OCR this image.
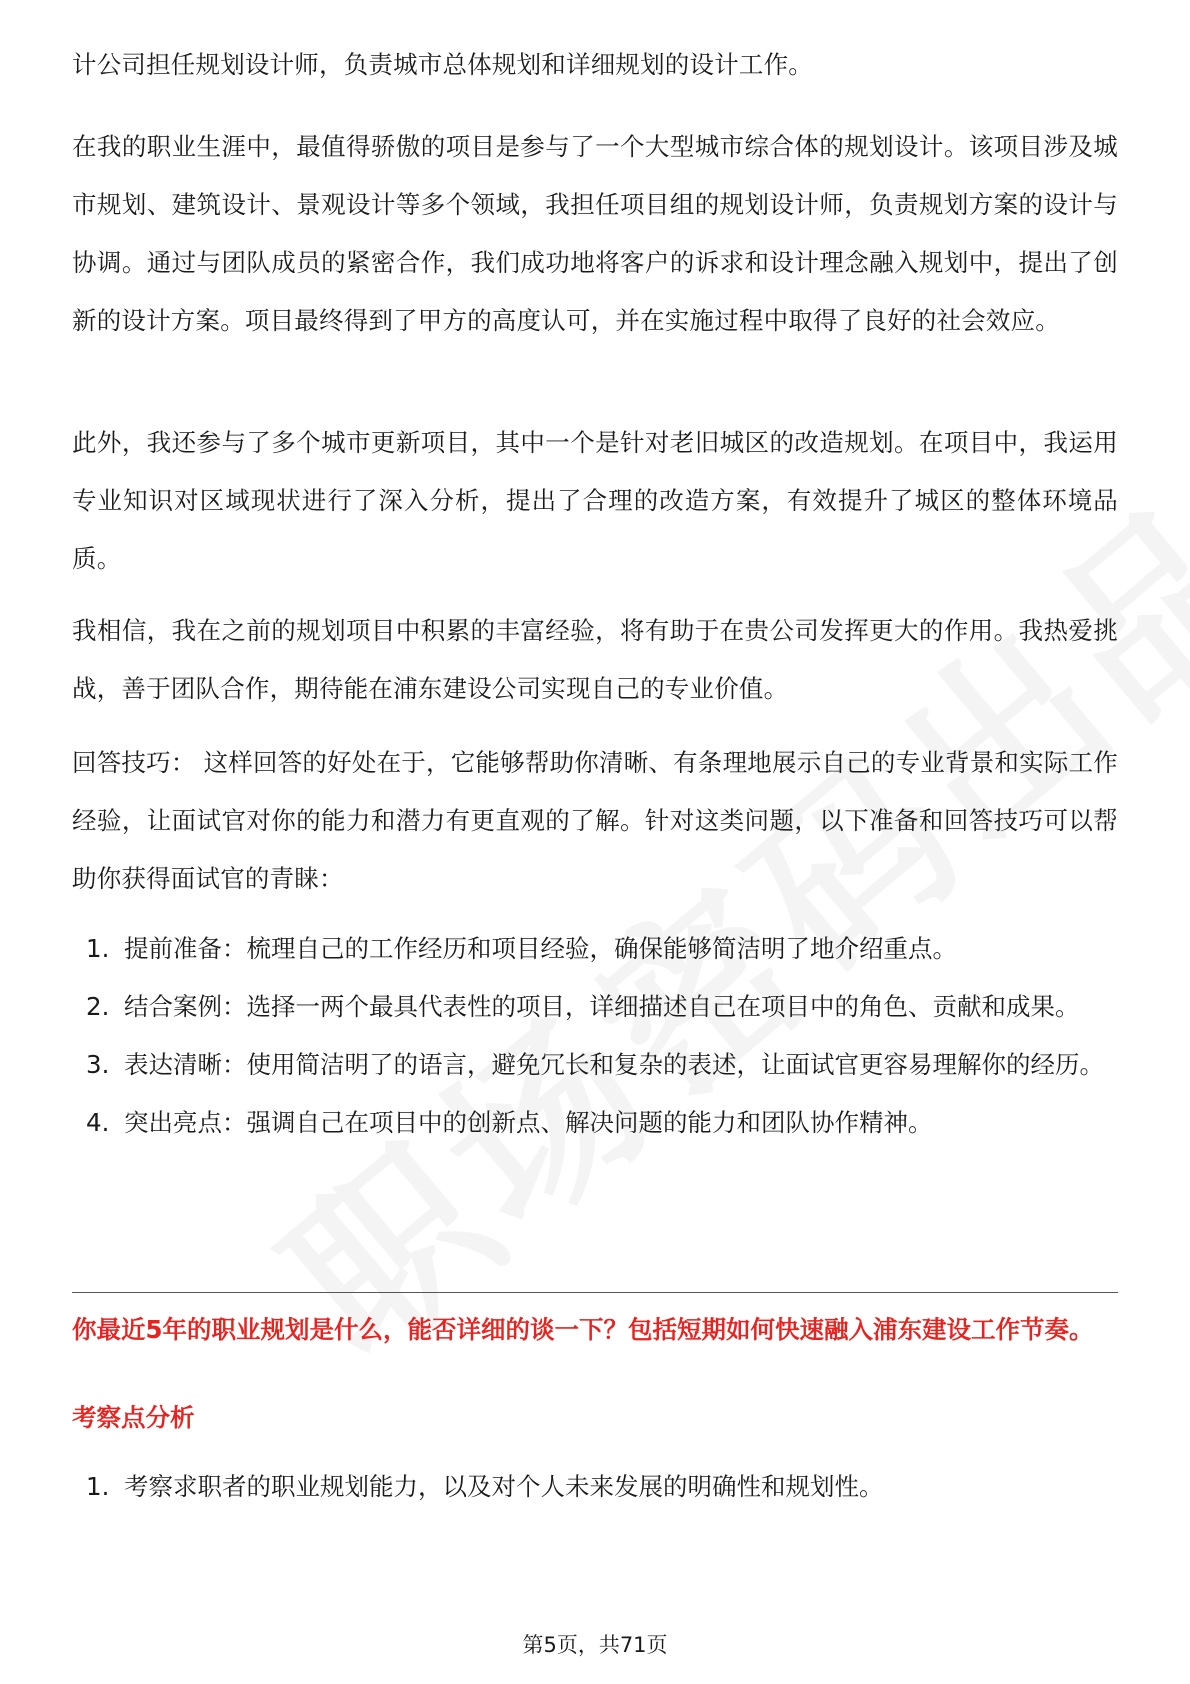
计公司担任规划设计师，负责城市总体规划和详细规划的设计工作。

在我的职业生涯中，最值得骄傲的项目是参与了一个大型城市综合体的规划设计。该项目涉及城市规划、建筑设计、景观设计等多个领域，我担任项目组的规划设计师，负责规划方案的设计与协调。通过与团队成员的紧密合作，我们成功地将客户的诉求和设计理念融入规划中，提出了创新的设计方案。项目最终得到了甲方的高度认可，并在实施过程中取得了良好的社会效应。

此外，我还参与了多个城市更新项目，其中一个是针对老旧城区的改造规划。在项目中，我运用专业知识对区域现状进行了深入分析，提出了合理的改造方案，有效提升了城区的整体环境品质。

我相信，我在之前的规划项目中积累的丰富经验，将有助于在贵公司发挥更大的作用。我热爱挑战，善于团队合作，期待能在浦东建设公司实现自己的专业价值。

回答技巧： 这样回答的好处在于，它能够帮助你清晰、有条理地展示自己的专业背景和实际工作经验，让面试官对你的能力和潜力有更直观的了解。针对这类问题，以下准备和回答技巧可以帮助你获得面试官的青睐：

1. 提前准备：梳理自己的工作经历和项目经验，确保能够简洁明了地介绍重点。
2. 结合案例：选择一两个最具代表性的项目，详细描述自己在项目中的角色、贡献和成果。
3. 表达清晰：使用简洁明了的语言，避免冗长和复杂的表述，让面试官更容易理解你的经历。
4. 突出亮点：强调自己在项目中的创新点、解决问题的能力和团队协作精神。

你最近5年的职业规划是什么，能否详细的谈一下？包括短期如何快速融入浦东建设工作节奏。

考察点分析

1. 考察求职者的职业规划能力，以及对个人未来发展的明确性和规划性。
第5页，共71页
